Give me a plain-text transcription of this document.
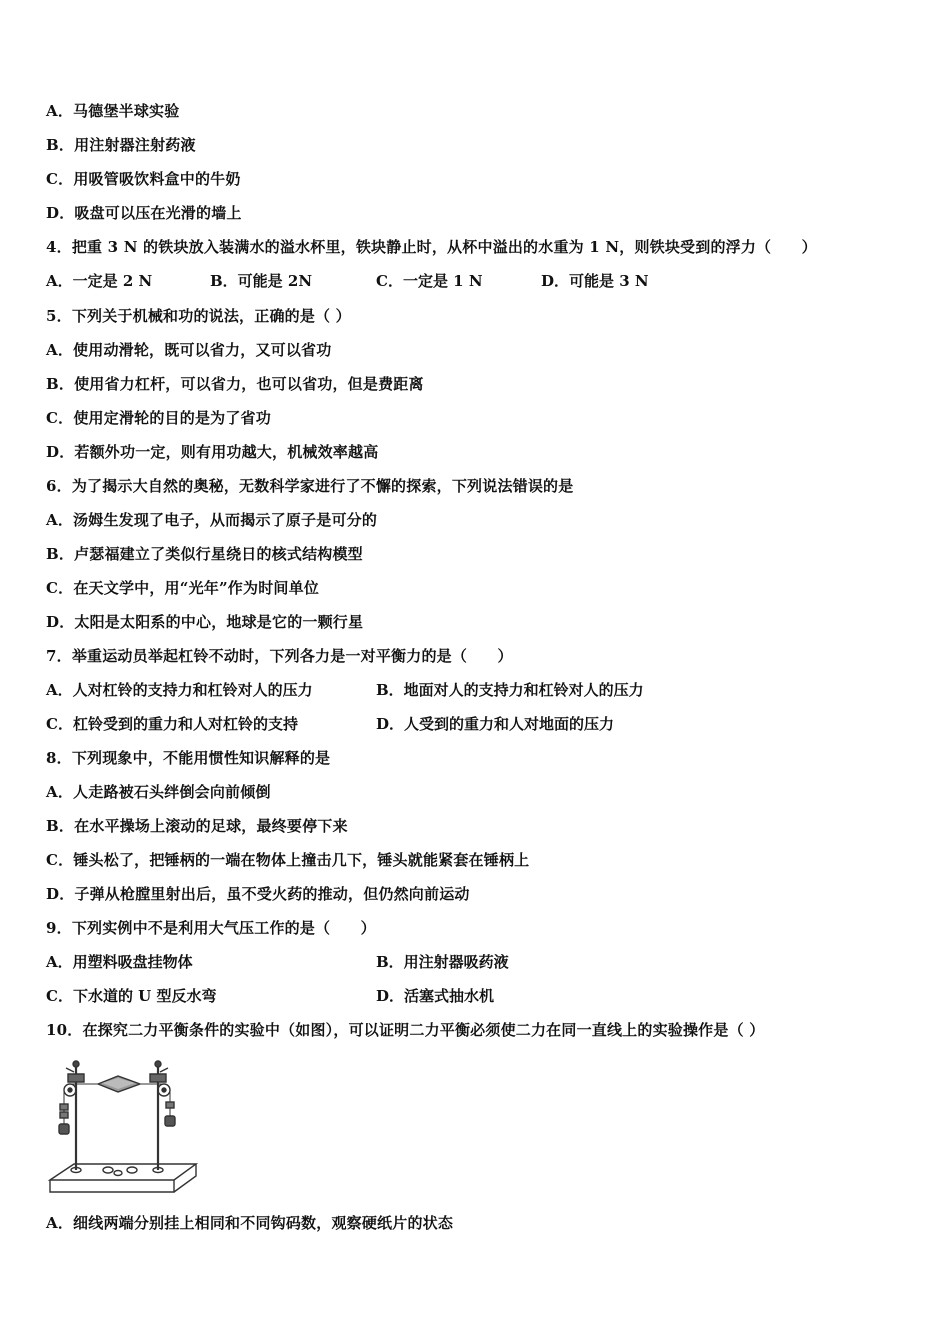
A．马德堡半球实验
B．用注射器注射药液
C．用吸管吸饮料盒中的牛奶
D．吸盘可以压在光滑的墙上
4．把重 3 N 的铁块放入装满水的溢水杯里，铁块静止时，从杯中溢出的水重为 1 N，则铁块受到的浮力（　　）
A．一定是 2 N	B．可能是 2N	C．一定是 1 N	D．可能是 3 N
5．下列关于机械和功的说法，正确的是（ ）
A．使用动滑轮，既可以省力，又可以省功
B．使用省力杠杆，可以省力，也可以省功，但是费距离
C．使用定滑轮的目的是为了省功
D．若额外功一定，则有用功越大，机械效率越高
6．为了揭示大自然的奥秘，无数科学家进行了不懈的探索，下列说法错误的是
A．汤姆生发现了电子，从而揭示了原子是可分的
B．卢瑟福建立了类似行星绕日的核式结构模型
C．在天文学中，用“光年”作为时间单位
D．太阳是太阳系的中心，地球是它的一颗行星
7．举重运动员举起杠铃不动时，下列各力是一对平衡力的是（　　）
A．人对杠铃的支持力和杠铃对人的压力	B．地面对人的支持力和杠铃对人的压力
C．杠铃受到的重力和人对杠铃的支持	D．人受到的重力和人对地面的压力
8．下列现象中，不能用惯性知识解释的是
A．人走路被石头绊倒会向前倾倒
B．在水平操场上滚动的足球，最终要停下来
C．锤头松了，把锤柄的一端在物体上撞击几下，锤头就能紧套在锤柄上
D．子弹从枪膛里射出后，虽不受火药的推动，但仍然向前运动
9．下列实例中不是利用大气压工作的是（　　）
A．用塑料吸盘挂物体	B．用注射器吸药液
C．下水道的 U 型反水弯	D．活塞式抽水机
10．在探究二力平衡条件的实验中（如图），可以证明二力平衡必须使二力在同一直线上的实验操作是（ ）
A．细线两端分别挂上相同和不同钩码数，观察硬纸片的状态
